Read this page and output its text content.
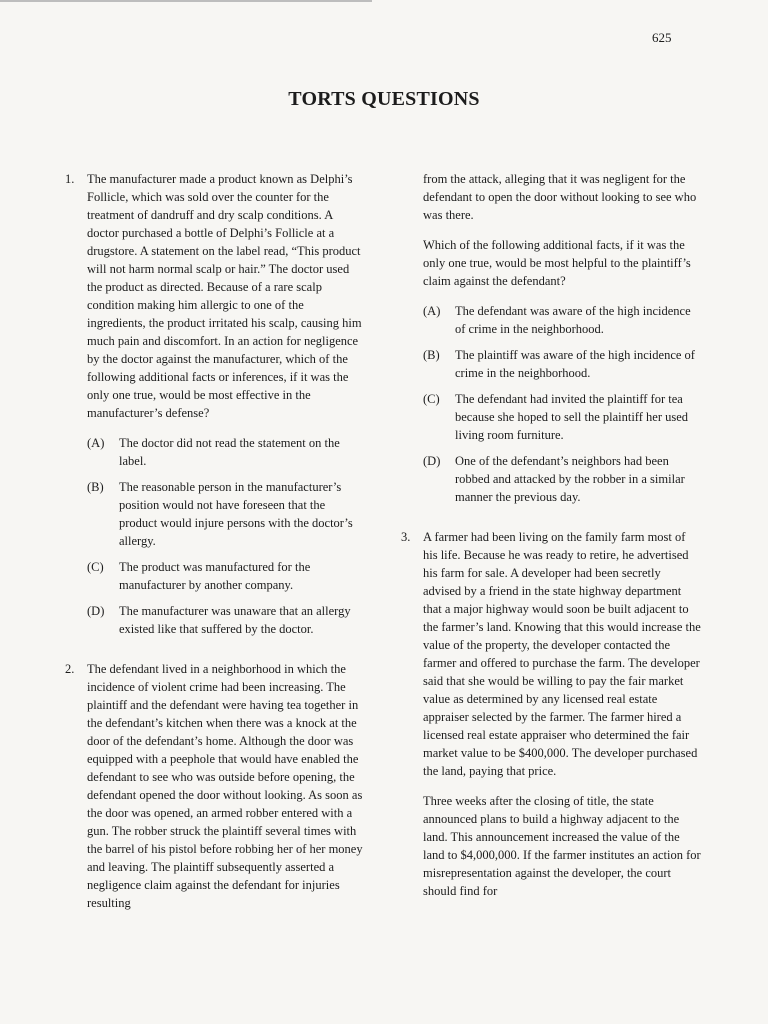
625
TORTS QUESTIONS
1. The manufacturer made a product known as Delphi’s Follicle, which was sold over the counter for the treatment of dandruff and dry scalp conditions. A doctor purchased a bottle of Delphi’s Follicle at a drugstore. A statement on the label read, “This product will not harm normal scalp or hair.” The doctor used the product as directed. Because of a rare scalp condition making him allergic to one of the ingredients, the product irritated his scalp, causing him much pain and discomfort. In an action for negligence by the doctor against the manufacturer, which of the following additional facts or inferences, if it was the only one true, would be most effective in the manufacturer’s defense?
(A) The doctor did not read the statement on the label.
(B) The reasonable person in the manufacturer’s position would not have foreseen that the product would injure persons with the doctor’s allergy.
(C) The product was manufactured for the manufacturer by another company.
(D) The manufacturer was unaware that an allergy existed like that suffered by the doctor.
2. The defendant lived in a neighborhood in which the incidence of violent crime had been increasing. The plaintiff and the defendant were having tea together in the defendant’s kitchen when there was a knock at the door of the defendant’s home. Although the door was equipped with a peephole that would have enabled the defendant to see who was outside before opening, the defendant opened the door without looking. As soon as the door was opened, an armed robber entered with a gun. The robber struck the plaintiff several times with the barrel of his pistol before robbing her of her money and leaving. The plaintiff subsequently asserted a negligence claim against the defendant for injuries resulting

from the attack, alleging that it was negligent for the defendant to open the door without looking to see who was there.

Which of the following additional facts, if it was the only one true, would be most helpful to the plaintiff’s claim against the defendant?

(A) The defendant was aware of the high incidence of crime in the neighborhood.
(B) The plaintiff was aware of the high incidence of crime in the neighborhood.
(C) The defendant had invited the plaintiff for tea because she hoped to sell the plaintiff her used living room furniture.
(D) One of the defendant’s neighbors had been robbed and attacked by the robber in a similar manner the previous day.
3. A farmer had been living on the family farm most of his life. Because he was ready to retire, he advertised his farm for sale. A developer had been secretly advised by a friend in the state highway department that a major highway would soon be built adjacent to the farmer’s land. Knowing that this would increase the value of the property, the developer contacted the farmer and offered to purchase the farm. The developer said that she would be willing to pay the fair market value as determined by any licensed real estate appraiser selected by the farmer. The farmer hired a licensed real estate appraiser who determined the fair market value to be $400,000. The developer purchased the land, paying that price.

Three weeks after the closing of title, the state announced plans to build a highway adjacent to the land. This announcement increased the value of the land to $4,000,000. If the farmer institutes an action for misrepresentation against the developer, the court should find for
